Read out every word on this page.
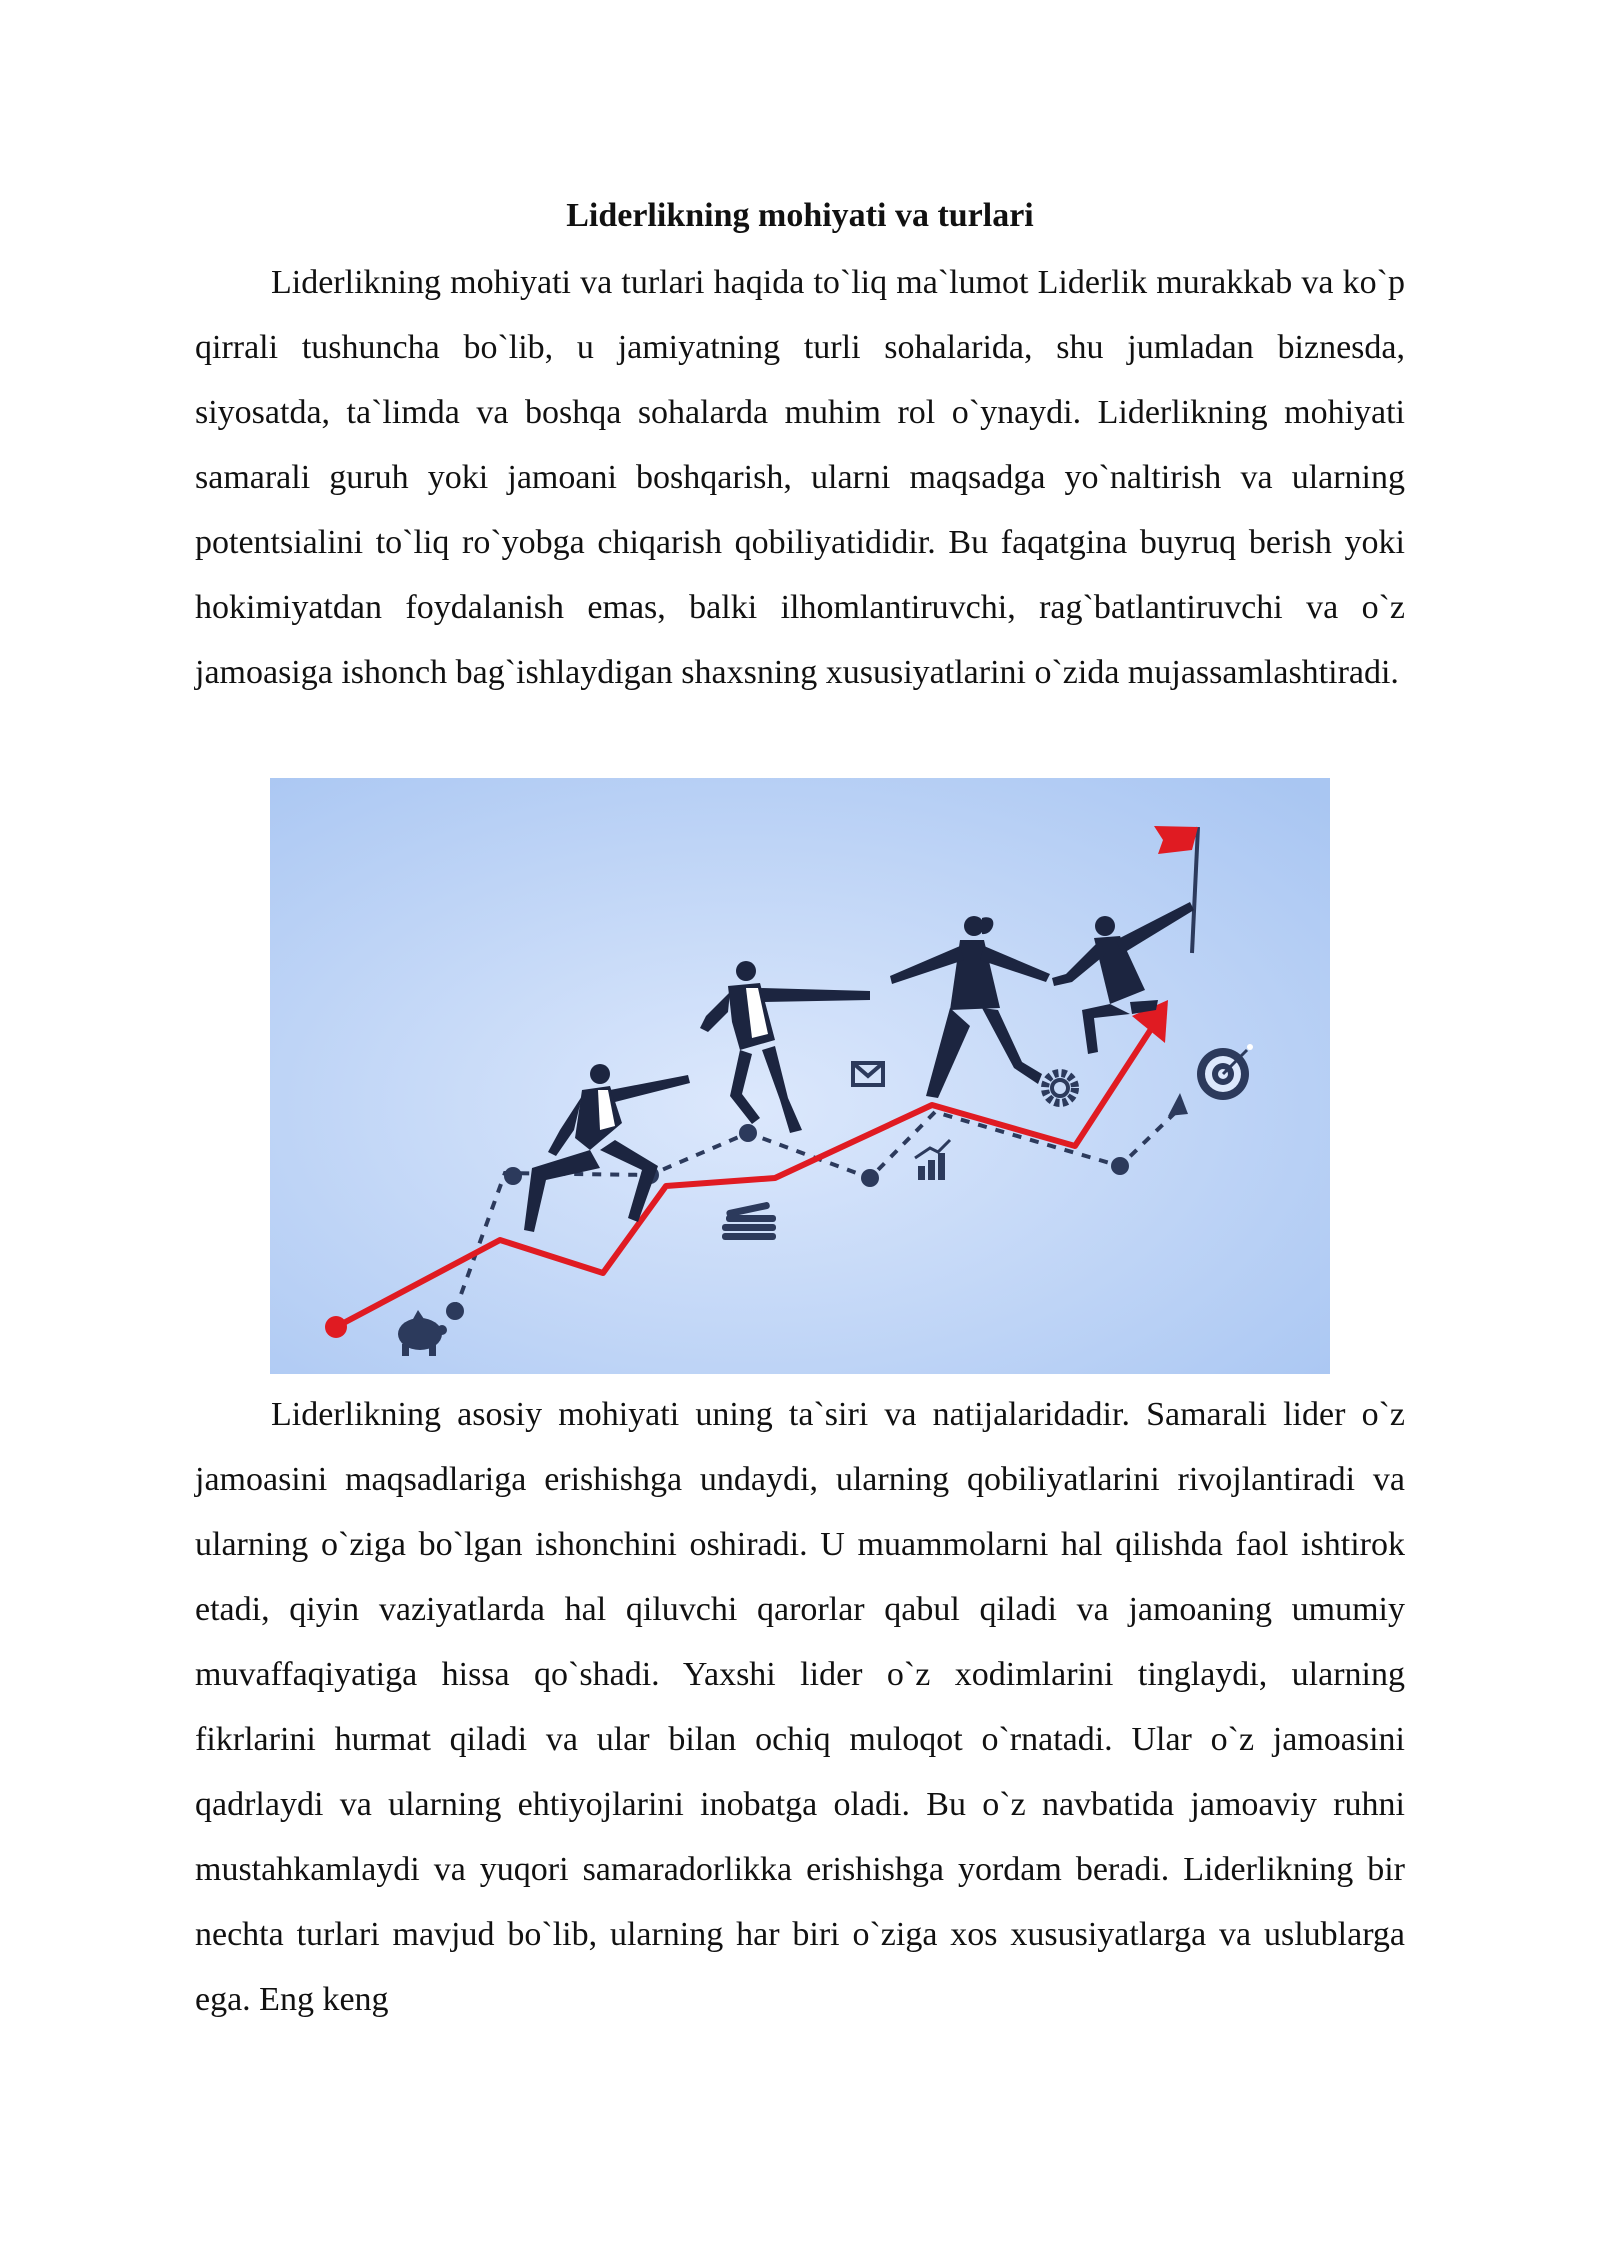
Liderlikning mohiyati va turlari

Liderlikning mohiyati va turlari haqida to`liq ma`lumot Liderlik murakkab va ko`p qirrali tushuncha bo`lib, u jamiyatning turli sohalarida, shu jumladan biznesda, siyosatda, ta`limda va boshqa sohalarda muhim rol o`ynaydi. Liderlikning mohiyati samarali guruh yoki jamoani boshqarish, ularni maqsadga yo`naltirish va ularning potentsialini to`liq ro`yobga chiqarish qobiliyatididir. Bu faqatgina buyruq berish yoki hokimiyatdan foydalanish emas, balki ilhomlantiruvchi, rag`batlantiruvchi va o`z jamoasiga ishonch bag`ishlaydigan shaxsning xususiyatlarini o`zida mujassamlashtiradi.

Liderlikning asosiy mohiyati uning ta`siri va natijalaridadir. Samarali lider o`z jamoasini maqsadlariga erishishga undaydi, ularning qobiliyatlarini rivojlantiradi va ularning o`ziga bo`lgan ishonchini oshiradi. U muammolarni hal qilishda faol ishtirok etadi, qiyin vaziyatlarda hal qiluvchi qarorlar qabul qiladi va jamoaning umumiy muvaffaqiyatiga hissa qo`shadi. Yaxshi lider o`z xodimlarini tinglaydi, ularning fikrlarini hurmat qiladi va ular bilan ochiq muloqot o`rnatadi. Ular o`z jamoasini qadrlaydi va ularning ehtiyojlarini inobatga oladi. Bu o`z navbatida jamoaviy ruhni mustahkamlaydi va yuqori samaradorlikka erishishga yordam beradi. Liderlikning bir nechta turlari mavjud bo`lib, ularning har biri o`ziga xos xususiyatlarga va uslublarga ega. Eng keng
